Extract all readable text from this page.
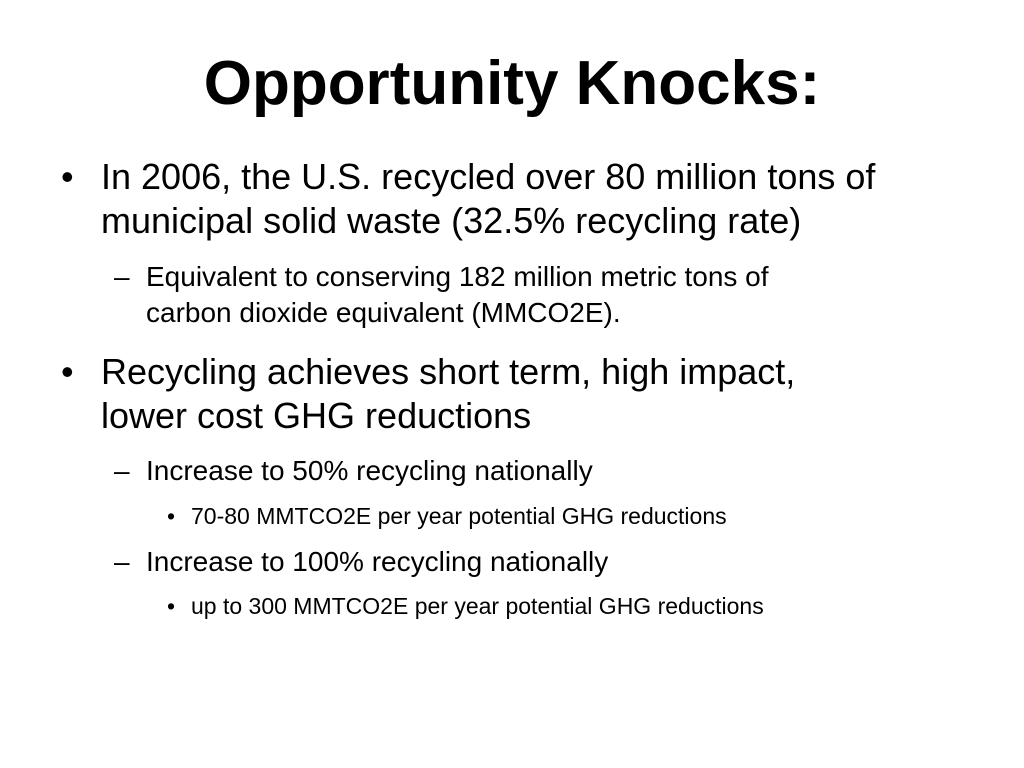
Opportunity Knocks:
• In 2006, the U.S. recycled over 80 million tons of
municipal solid waste (32.5% recycling rate)
– Equivalent to conserving 182 million metric tons of
carbon dioxide equivalent (MMCO2E).
• Recycling achieves short term, high impact,
lower cost GHG reductions
– Increase to 50% recycling nationally
• 70-80 MMTCO2E per year potential GHG reductions
– Increase to 100% recycling nationally
• up to 300 MMTCO2E per year potential GHG reductions
